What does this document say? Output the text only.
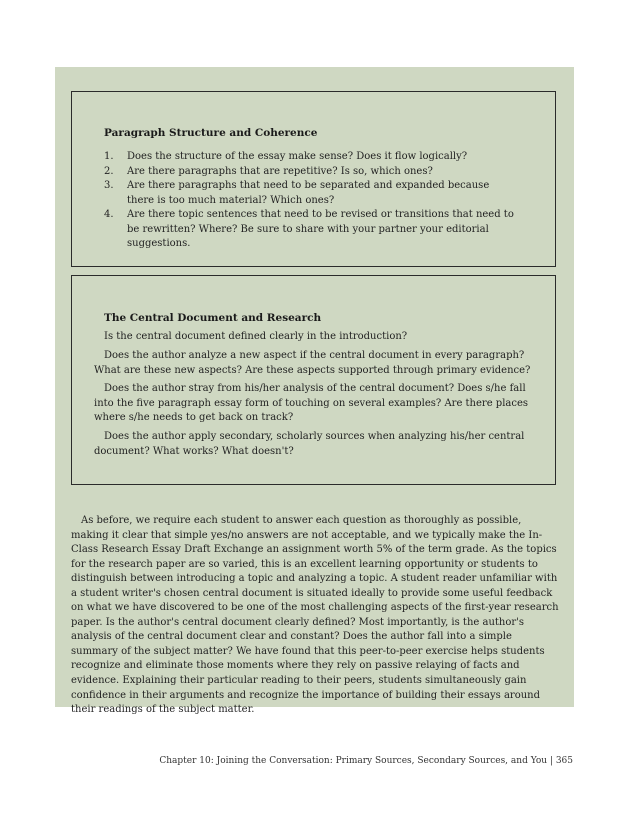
Paragraph Structure and Coherence
1.	Does the structure of the essay make sense? Does it flow logically?
2.	Are there paragraphs that are repetitive? Is so, which ones?
3.	Are there paragraphs that need to be separated and expanded because there is too much material? Which ones?
4.	Are there topic sentences that need to be revised or transitions that need to be rewritten? Where? Be sure to share with your partner your editorial suggestions.
The Central Document and Research

Is the central document defined clearly in the introduction?

Does the author analyze a new aspect if the central document in every paragraph? What are these new aspects? Are these aspects supported through primary evidence?

Does the author stray from his/her analysis of the central document? Does s/he fall into the five paragraph essay form of touching on several examples? Are there places where s/he needs to get back on track?

Does the author apply secondary, scholarly sources when analyzing his/her central document? What works? What doesn't?

As before, we require each student to answer each question as thoroughly as possible, making it clear that simple yes/no answers are not acceptable, and we typically make the In-Class Research Essay Draft Exchange an assignment worth 5% of the term grade. As the topics for the research paper are so varied, this is an excellent learning opportunity or students to distinguish between introducing a topic and analyzing a topic. A student reader unfamiliar with a student writer's chosen central document is situated ideally to provide some useful feedback on what we have discovered to be one of the most challenging aspects of the first-year research paper. Is the author's central document clearly defined? Most importantly, is the author's analysis of the central document clear and constant? Does the author fall into a simple summary of the subject matter? We have found that this peer-to-peer exercise helps students recognize and eliminate those moments where they rely on passive relaying of facts and evidence. Explaining their particular reading to their peers, students simultaneously gain confidence in their arguments and recognize the importance of building their essays around their readings of the subject matter.

Chapter 10: Joining the Conversation: Primary Sources, Secondary Sources, and You | 365
